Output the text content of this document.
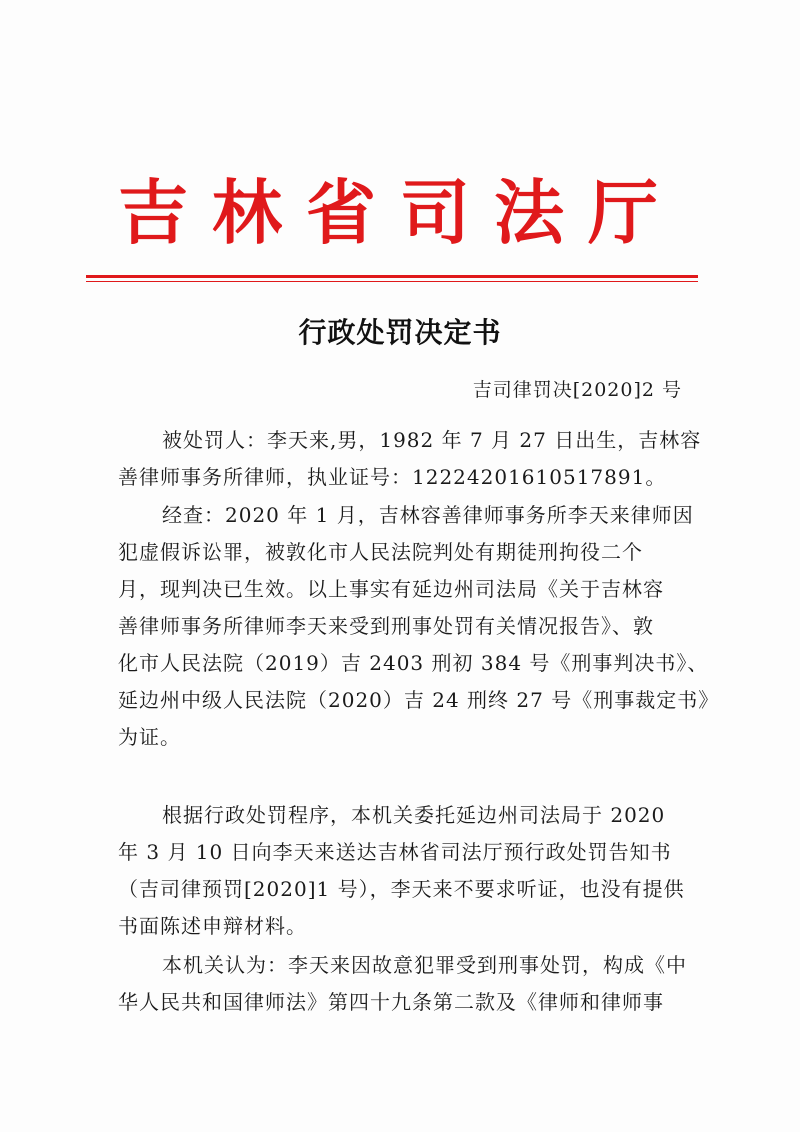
吉林省司法厅
行政处罚决定书
吉司律罚决[2020]2 号
被处罚人：李天来,男，1982 年 7 月 27 日出生，吉林容
善律师事务所律师，执业证号：12224201610517891。
经查：2020 年 1 月，吉林容善律师事务所李天来律师因
犯虚假诉讼罪，被敦化市人民法院判处有期徒刑拘役二个
月，现判决已生效。以上事实有延边州司法局《关于吉林容
善律师事务所律师李天来受到刑事处罚有关情况报告》、敦
化市人民法院（2019）吉 2403 刑初 384 号《刑事判决书》、
延边州中级人民法院（2020）吉 24 刑终 27 号《刑事裁定书》
为证。
根据行政处罚程序，本机关委托延边州司法局于 2020
年 3 月 10 日向李天来送达吉林省司法厅预行政处罚告知书
（吉司律预罚[2020]1 号），李天来不要求听证，也没有提供
书面陈述申辩材料。
本机关认为：李天来因故意犯罪受到刑事处罚，构成《中
华人民共和国律师法》第四十九条第二款及《律师和律师事
